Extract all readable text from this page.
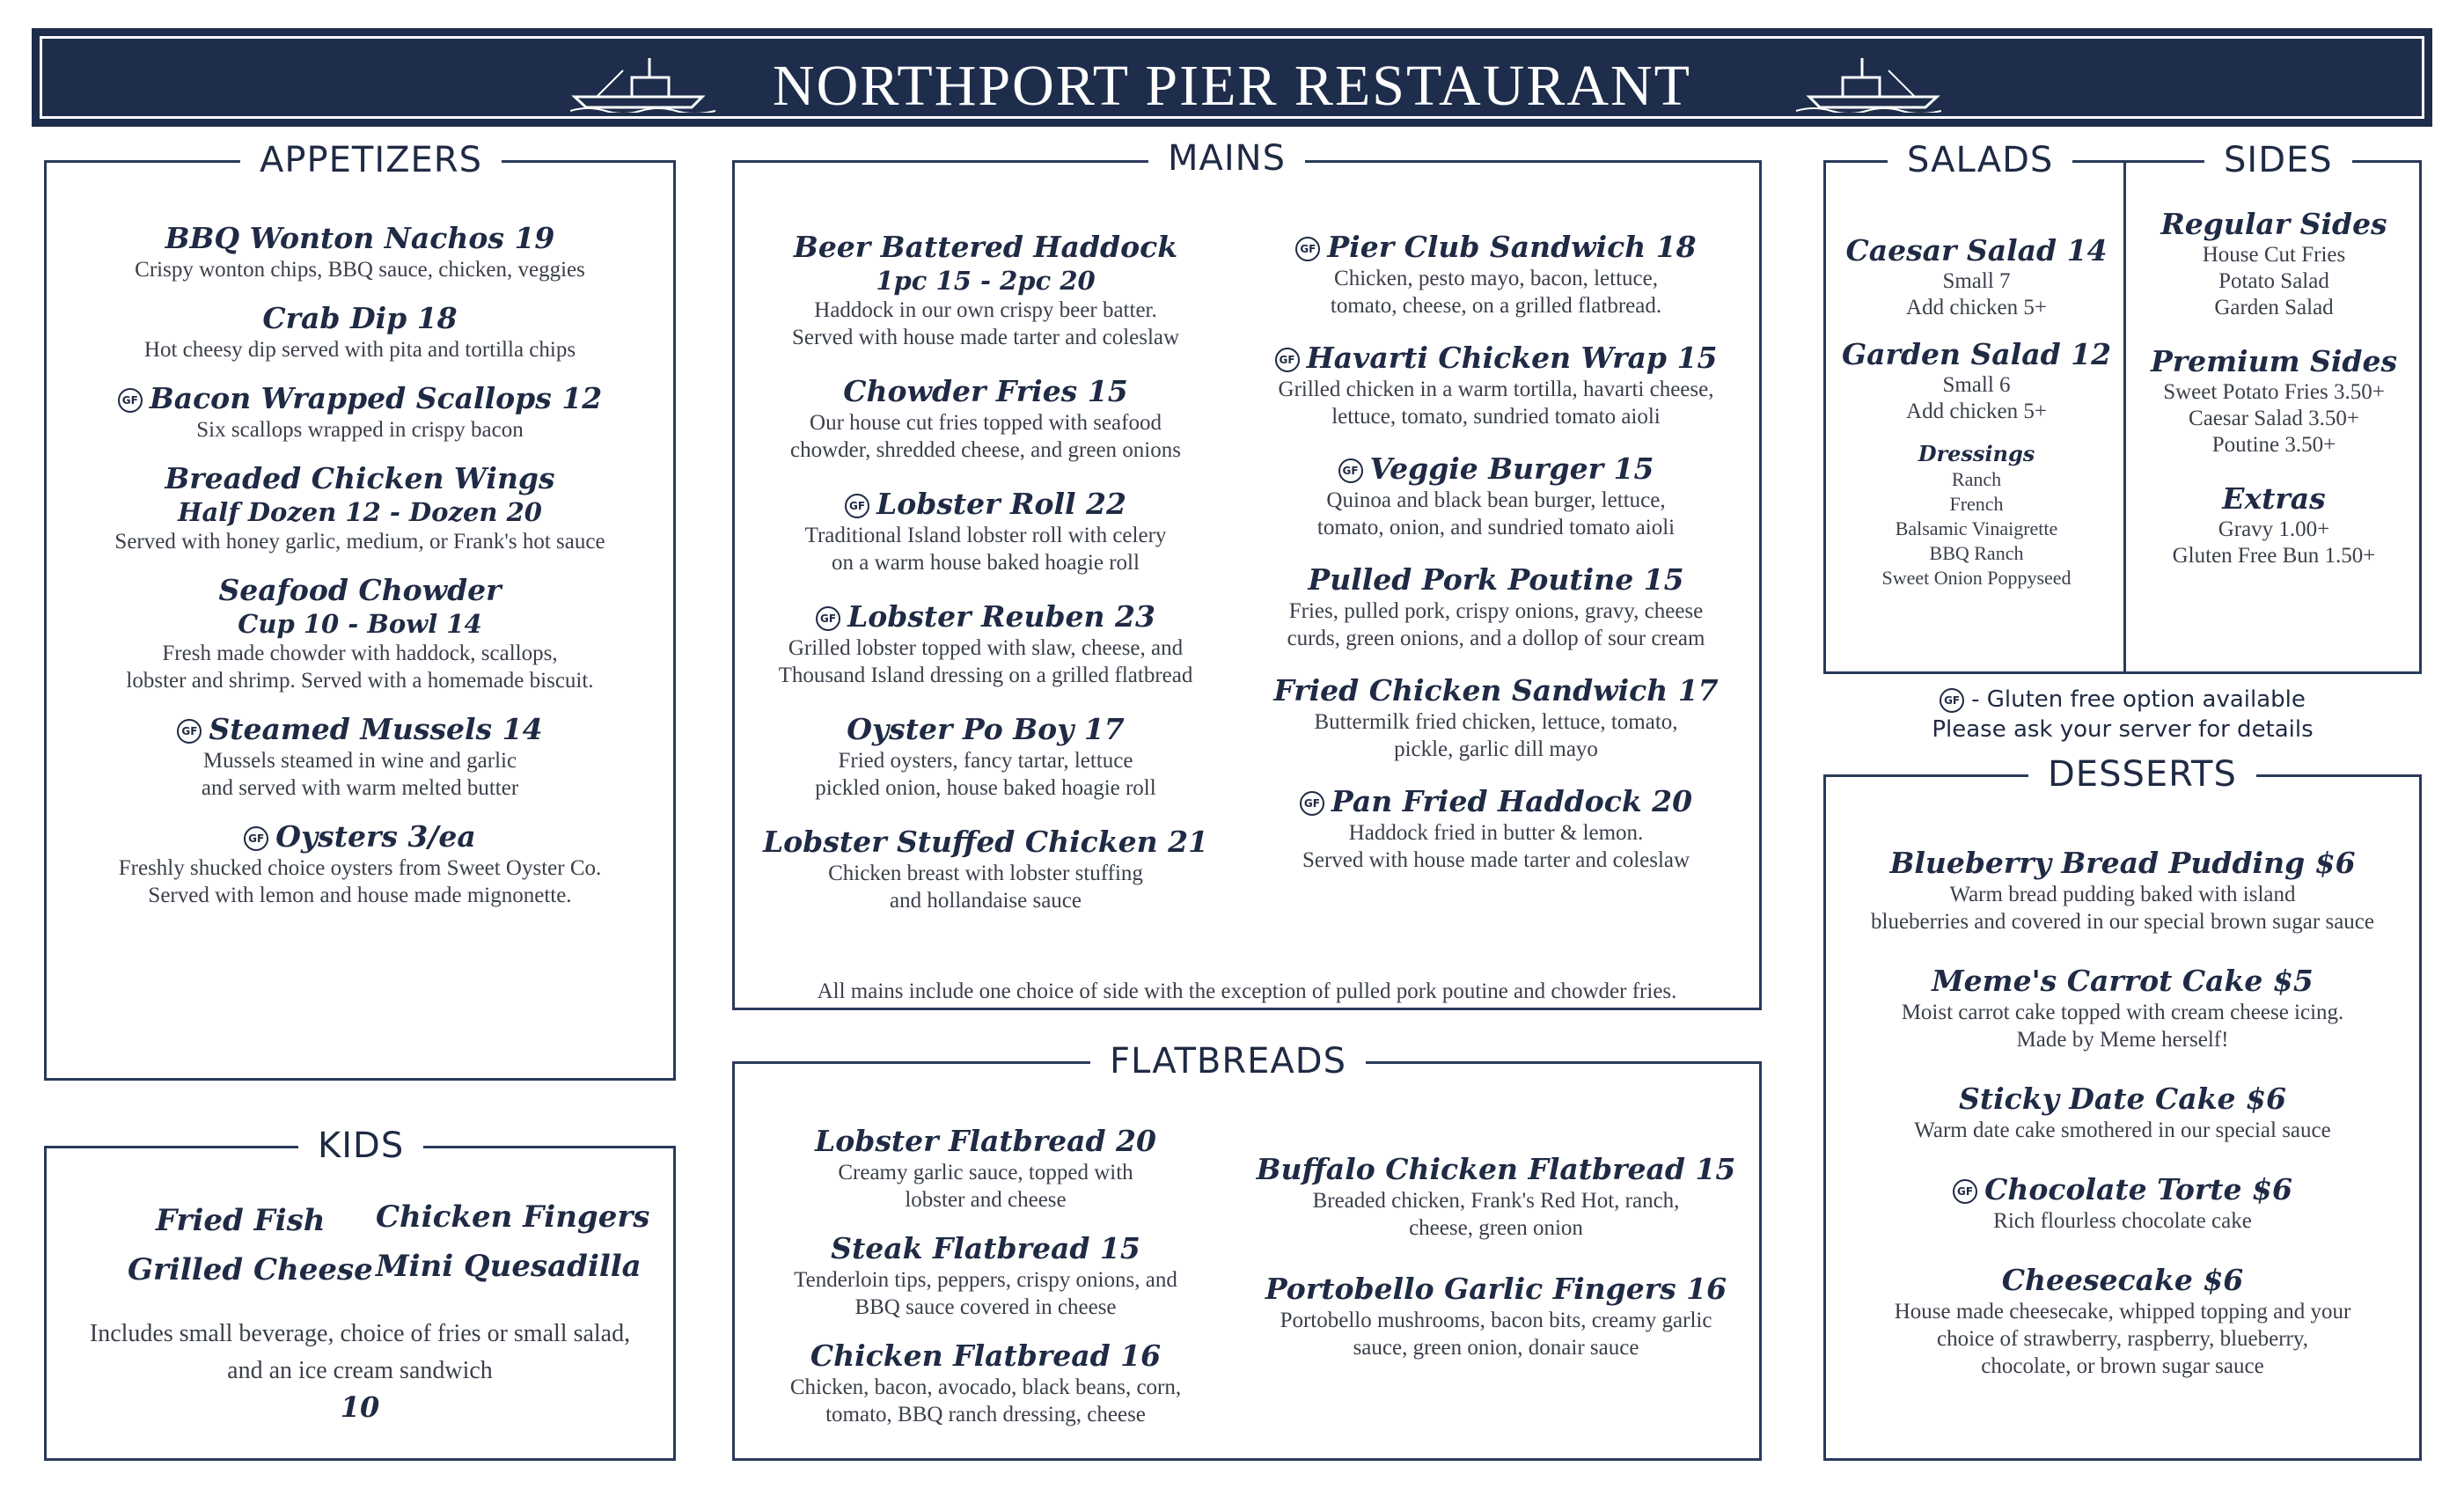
NORTHPORT PIER RESTAURANT
APPETIZERS
BBQ Wonton Nachos 19
Crispy wonton chips, BBQ sauce, chicken, veggies
Crab Dip 18
Hot cheesy dip served with pita and tortilla chips
GF Bacon Wrapped Scallops 12
Six scallops wrapped in crispy bacon
Breaded Chicken Wings
Half Dozen 12 - Dozen 20
Served with honey garlic, medium, or Frank's hot sauce
Seafood Chowder
Cup 10 - Bowl 14
Fresh made chowder with haddock, scallops,
lobster and shrimp. Served with a homemade biscuit.
GF Steamed Mussels 14
Mussels steamed in wine and garlic
and served with warm melted butter
GF Oysters 3/ea
Freshly shucked choice oysters from Sweet Oyster Co.
Served with lemon and house made mignonette.
KIDS
Fried Fish Chicken Fingers
Grilled Cheese Mini Quesadilla
Includes small beverage, choice of fries or small salad,
and an ice cream sandwich
10
MAINS
Beer Battered Haddock
1pc 15 - 2pc 20
Haddock in our own crispy beer batter.
Served with house made tarter and coleslaw
Chowder Fries 15
Our house cut fries topped with seafood
chowder, shredded cheese, and green onions
GF Lobster Roll 22
Traditional Island lobster roll with celery
on a warm house baked hoagie roll
GF Lobster Reuben 23
Grilled lobster topped with slaw, cheese, and
Thousand Island dressing on a grilled flatbread
Oyster Po Boy 17
Fried oysters, fancy tartar, lettuce
pickled onion, house baked hoagie roll
Lobster Stuffed Chicken 21
Chicken breast with lobster stuffing
and hollandaise sauce
GF Pier Club Sandwich 18
Chicken, pesto mayo, bacon, lettuce,
tomato, cheese, on a grilled flatbread.
GF Havarti Chicken Wrap 15
Grilled chicken in a warm tortilla, havarti cheese,
lettuce, tomato, sundried tomato aioli
GF Veggie Burger 15
Quinoa and black bean burger, lettuce,
tomato, onion, and sundried tomato aioli
Pulled Pork Poutine 15
Fries, pulled pork, crispy onions, gravy, cheese
curds, green onions, and a dollop of sour cream
Fried Chicken Sandwich 17
Buttermilk fried chicken, lettuce, tomato,
pickle, garlic dill mayo
GF Pan Fried Haddock 20
Haddock fried in butter & lemon.
Served with house made tarter and coleslaw
All mains include one choice of side with the exception of pulled pork poutine and chowder fries.
FLATBREADS
Lobster Flatbread 20
Creamy garlic sauce, topped with
lobster and cheese
Steak Flatbread 15
Tenderloin tips, peppers, crispy onions, and
BBQ sauce covered in cheese
Chicken Flatbread 16
Chicken, bacon, avocado, black beans, corn,
tomato, BBQ ranch dressing, cheese
Buffalo Chicken Flatbread 15
Breaded chicken, Frank's Red Hot, ranch,
cheese, green onion
Portobello Garlic Fingers 16
Portobello mushrooms, bacon bits, creamy garlic
sauce, green onion, donair sauce
SALADS	SIDES
Caesar Salad 14
Small 7
Add chicken 5+
Garden Salad 12
Small 6
Add chicken 5+
Dressings
Ranch
French
Balsamic Vinaigrette
BBQ Ranch
Sweet Onion Poppyseed
Regular Sides
House Cut Fries
Potato Salad
Garden Salad
Premium Sides
Sweet Potato Fries 3.50+
Caesar Salad 3.50+
Poutine 3.50+
Extras
Gravy 1.00+
Gluten Free Bun 1.50+
GF - Gluten free option available
Please ask your server for details
DESSERTS
Blueberry Bread Pudding $6
Warm bread pudding baked with island
blueberries and covered in our special brown sugar sauce
Meme's Carrot Cake $5
Moist carrot cake topped with cream cheese icing.
Made by Meme herself!
Sticky Date Cake $6
Warm date cake smothered in our special sauce
GF Chocolate Torte $6
Rich flourless chocolate cake
Cheesecake $6
House made cheesecake, whipped topping and your
choice of strawberry, raspberry, blueberry,
chocolate, or brown sugar sauce
